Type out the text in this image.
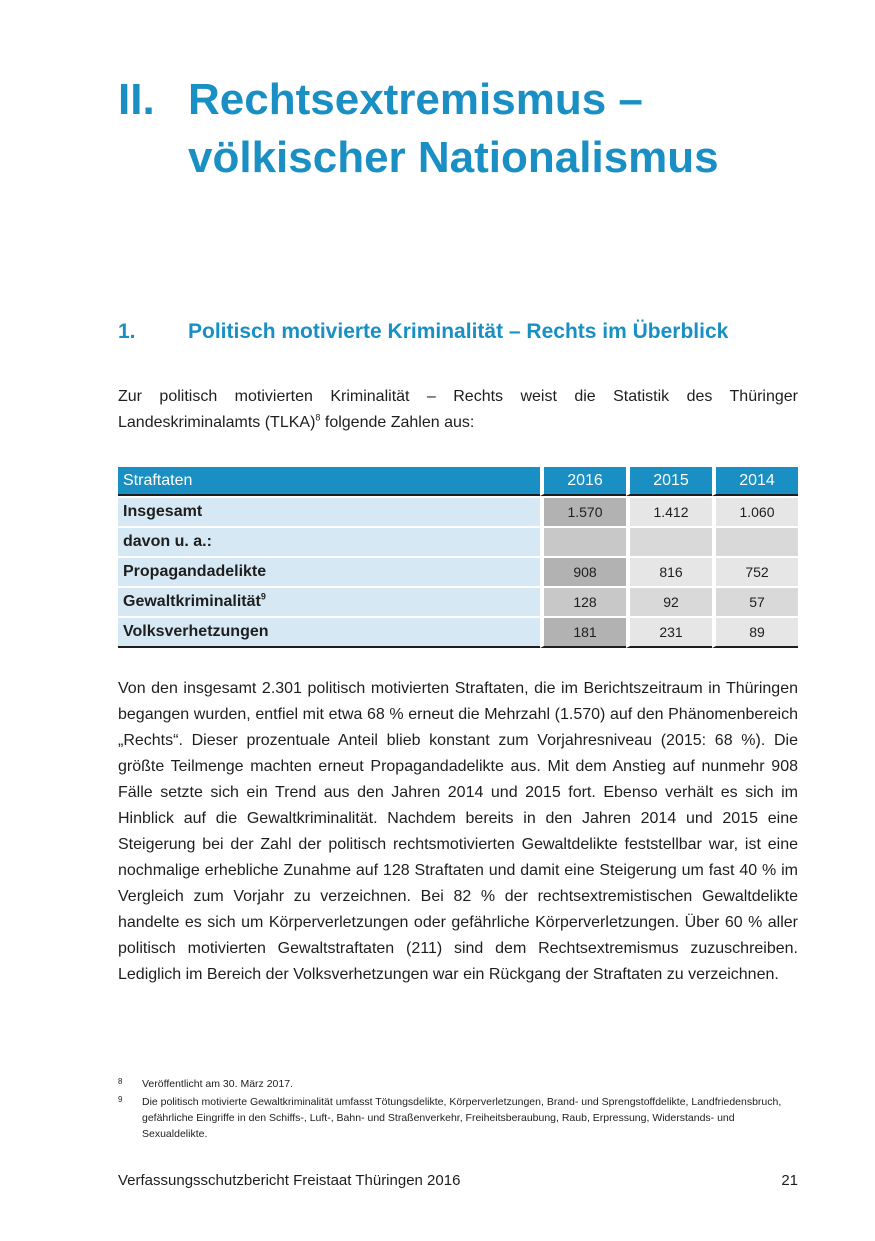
II. Rechtsextremismus –
völkischer Nationalismus
1. Politisch motivierte Kriminalität – Rechts im Überblick

Zur politisch motivierten Kriminalität – Rechts weist die Statistik des Thüringer Landeskriminalamts (TLKA)$^8$ folgende Zahlen aus:

Straftaten	2016	2015	2014
Insgesamt	1.570	1.412	1.060
davon u. a.:			
Propagandadelikte	908	816	752
Gewaltkriminalität$^9$	128	92	57
Volksverhetzungen	181	231	89

Von den insgesamt 2.301 politisch motivierten Straftaten, die im Berichtszeitraum in Thüringen begangen wurden, entfiel mit etwa 68 % erneut die Mehrzahl (1.570) auf den Phänomenbereich „Rechts“. Dieser prozentuale Anteil blieb konstant zum Vorjahresniveau (2015: 68 %). Die größte Teilmenge machten erneut Propagandadelikte aus. Mit dem Anstieg auf nunmehr 908 Fälle setzte sich ein Trend aus den Jahren 2014 und 2015 fort. Ebenso verhält es sich im Hinblick auf die Gewaltkriminalität. Nachdem bereits in den Jahren 2014 und 2015 eine Steigerung bei der Zahl der politisch rechtsmotivierten Gewaltdelikte feststellbar war, ist eine nochmalige erhebliche Zunahme auf 128 Straftaten und damit eine Steigerung um fast 40 % im Vergleich zum Vorjahr zu verzeichnen. Bei 82 % der rechtsextremistischen Gewaltdelikte handelte es sich um Körperverletzungen oder gefährliche Körperverletzungen. Über 60 % aller politisch motivierten Gewaltstraftaten (211) sind dem Rechtsextremismus zuzuschreiben. Lediglich im Bereich der Volksverhetzungen war ein Rückgang der Straftaten zu verzeichnen.

8 Veröffentlicht am 30. März 2017.
9 Die politisch motivierte Gewaltkriminalität umfasst Tötungsdelikte, Körperverletzungen, Brand- und Sprengstoffdelikte, Landfriedensbruch, gefährliche Eingriffe in den Schiffs-, Luft-, Bahn- und Straßenverkehr, Freiheitsberaubung, Raub, Erpressung, Widerstands- und Sexualdelikte.
Verfassungsschutzbericht Freistaat Thüringen 2016	21
